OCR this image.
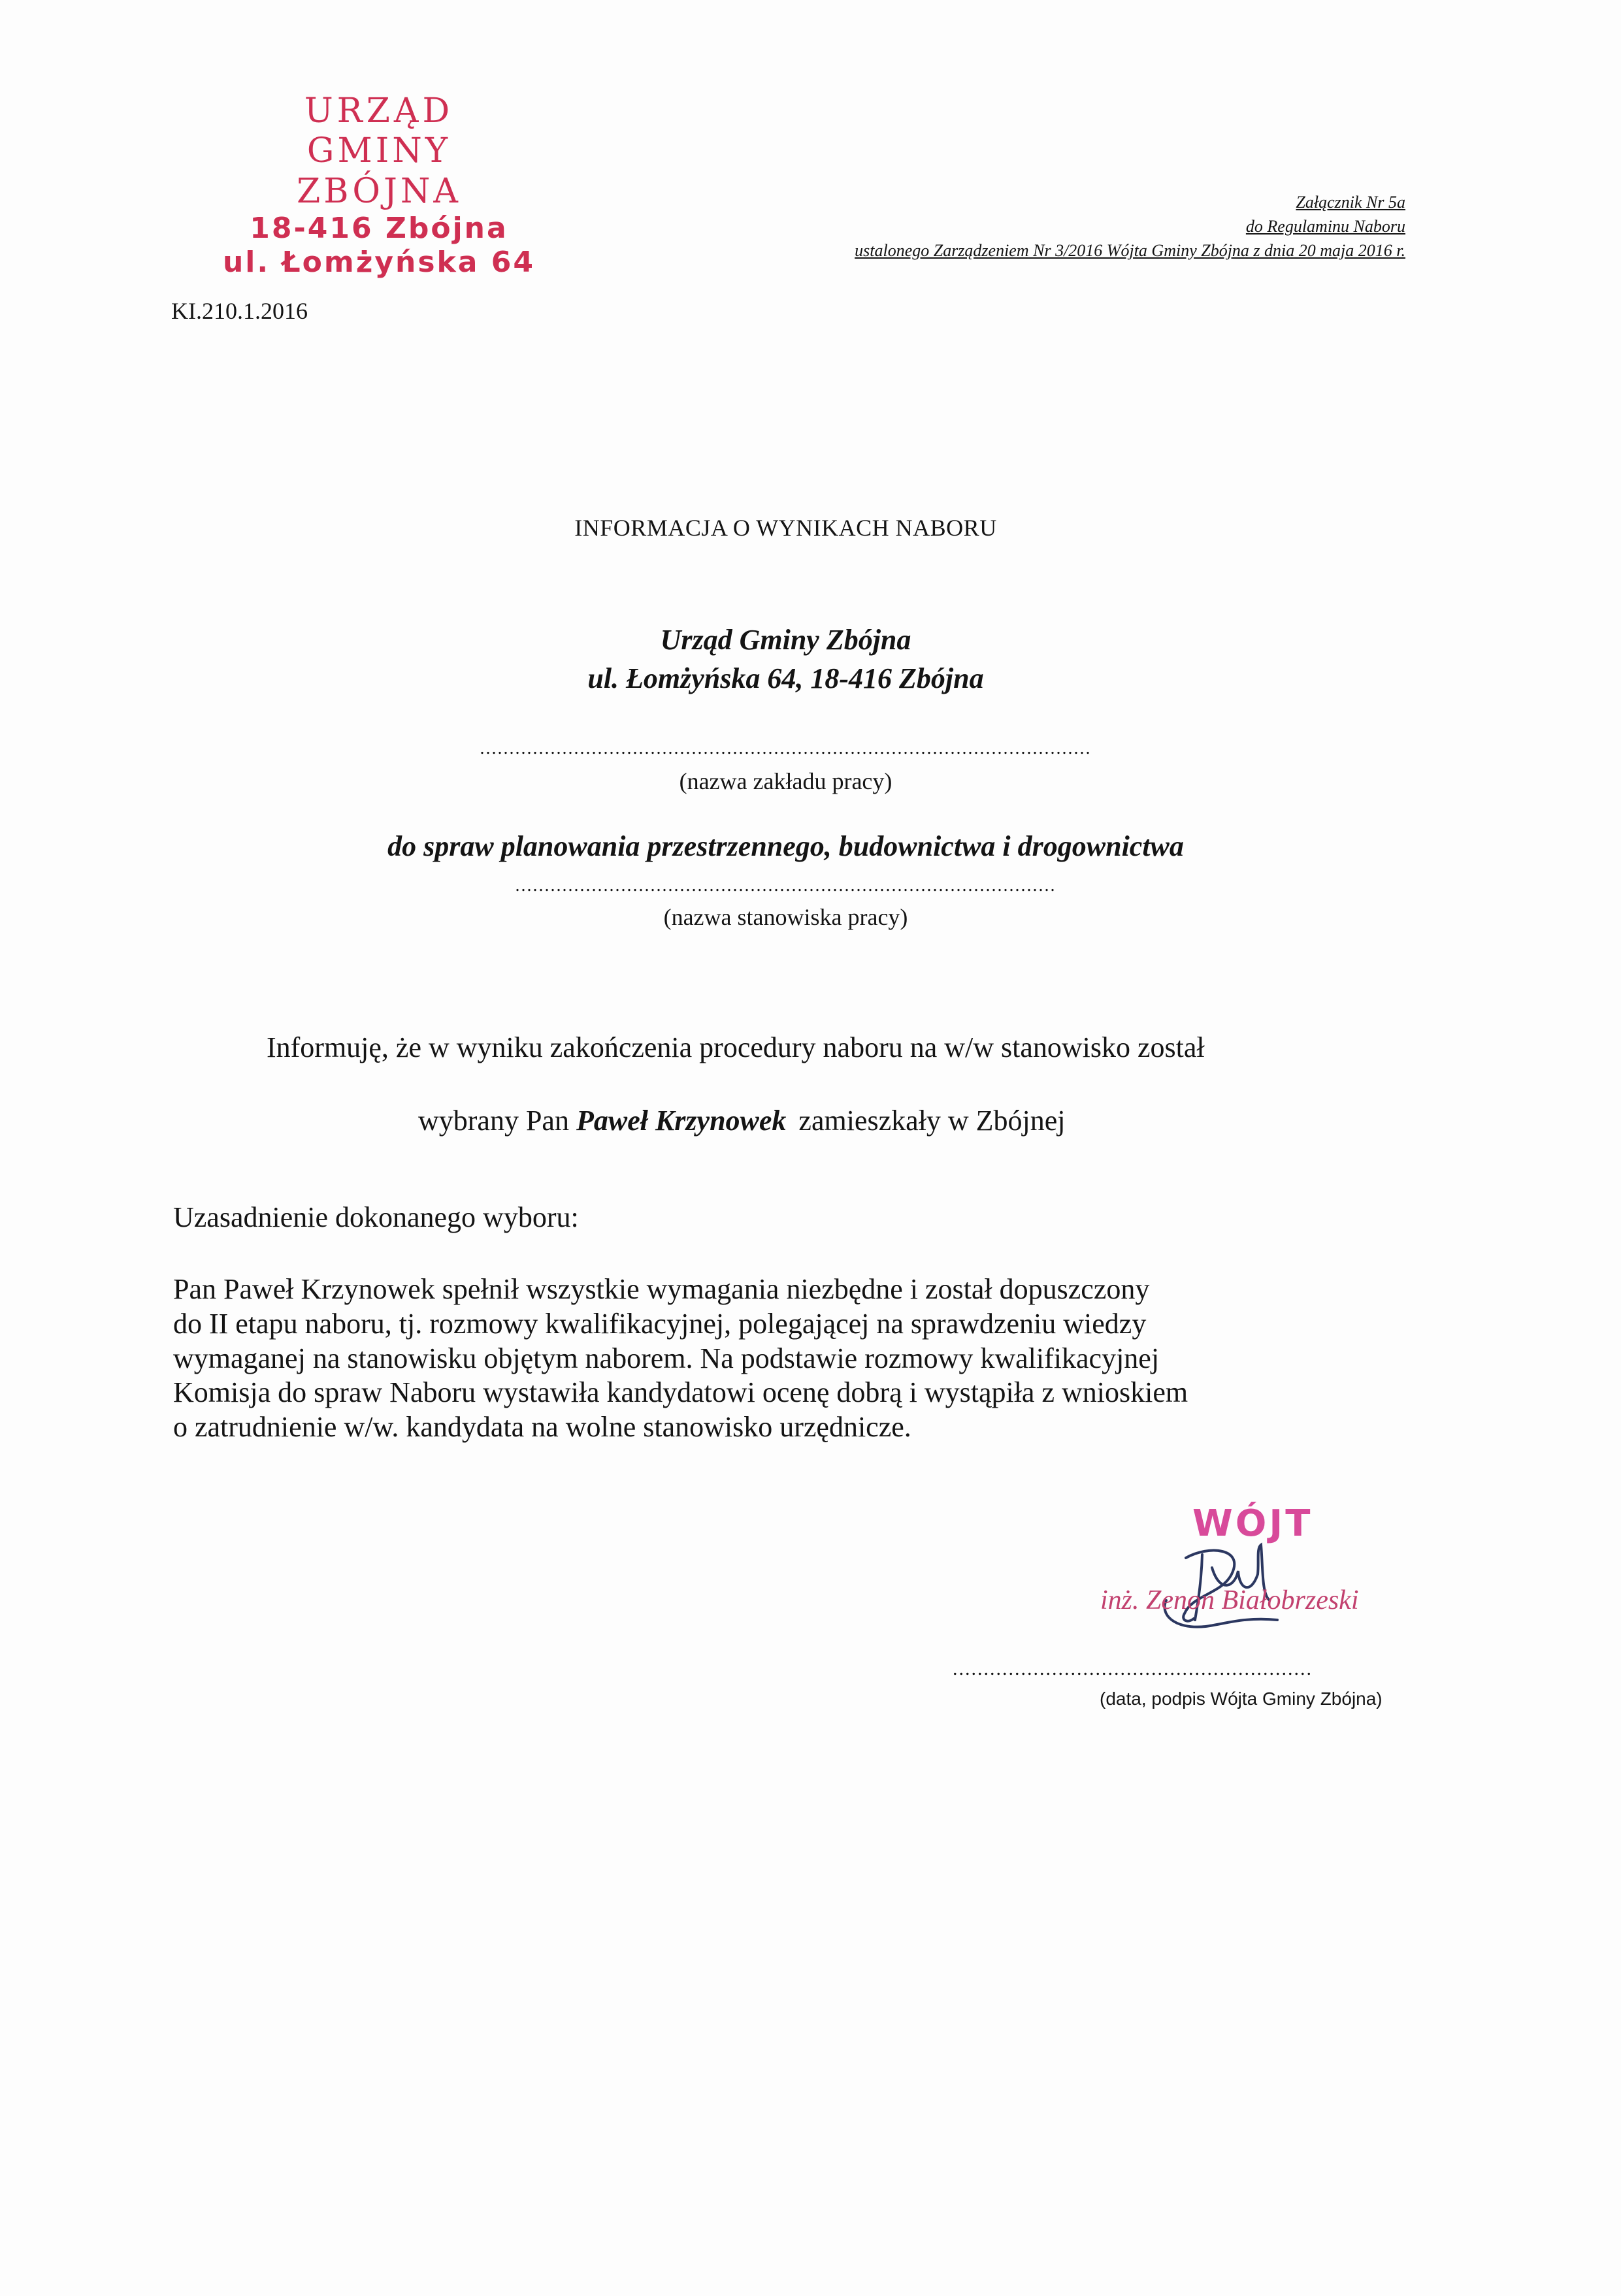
URZĄD
GMINY ZBÓJNA
18-416 Zbójna
ul. Łomżyńska 64
Załącznik Nr 5a
do Regulaminu Naboru
ustalonego Zarządzeniem Nr 3/2016 Wójta Gminy Zbójna z dnia 20 maja 2016 r.
KI.210.1.2016
INFORMACJA O WYNIKACH NABORU
Urząd Gminy Zbójna
ul. Łomżyńska 64, 18-416 Zbójna
........................................................................................................
(nazwa zakładu pracy)
do spraw planowania przestrzennego, budownictwa i drogownictwa
............................................................................................
(nazwa stanowiska pracy)
Informuję, że w wyniku zakończenia procedury naboru na w/w stanowisko został
wybrany Pan Paweł Krzynowek zamieszkały w Zbójnej
Uzasadnienie dokonanego wyboru:
Pan Paweł Krzynowek spełnił wszystkie wymagania niezbędne i został dopuszczony
do II etapu naboru, tj. rozmowy kwalifikacyjnej, polegającej na sprawdzeniu wiedzy
wymaganej na stanowisku objętym naborem. Na podstawie rozmowy kwalifikacyjnej
Komisja do spraw Naboru wystawiła kandydatowi ocenę dobrą i wystąpiła z wnioskiem
o zatrudnienie w/w. kandydata na wolne stanowisko urzędnicze.
WÓJT
inż. Zenon Białobrzeski
..........................................................
(data, podpis Wójta Gminy Zbójna)
